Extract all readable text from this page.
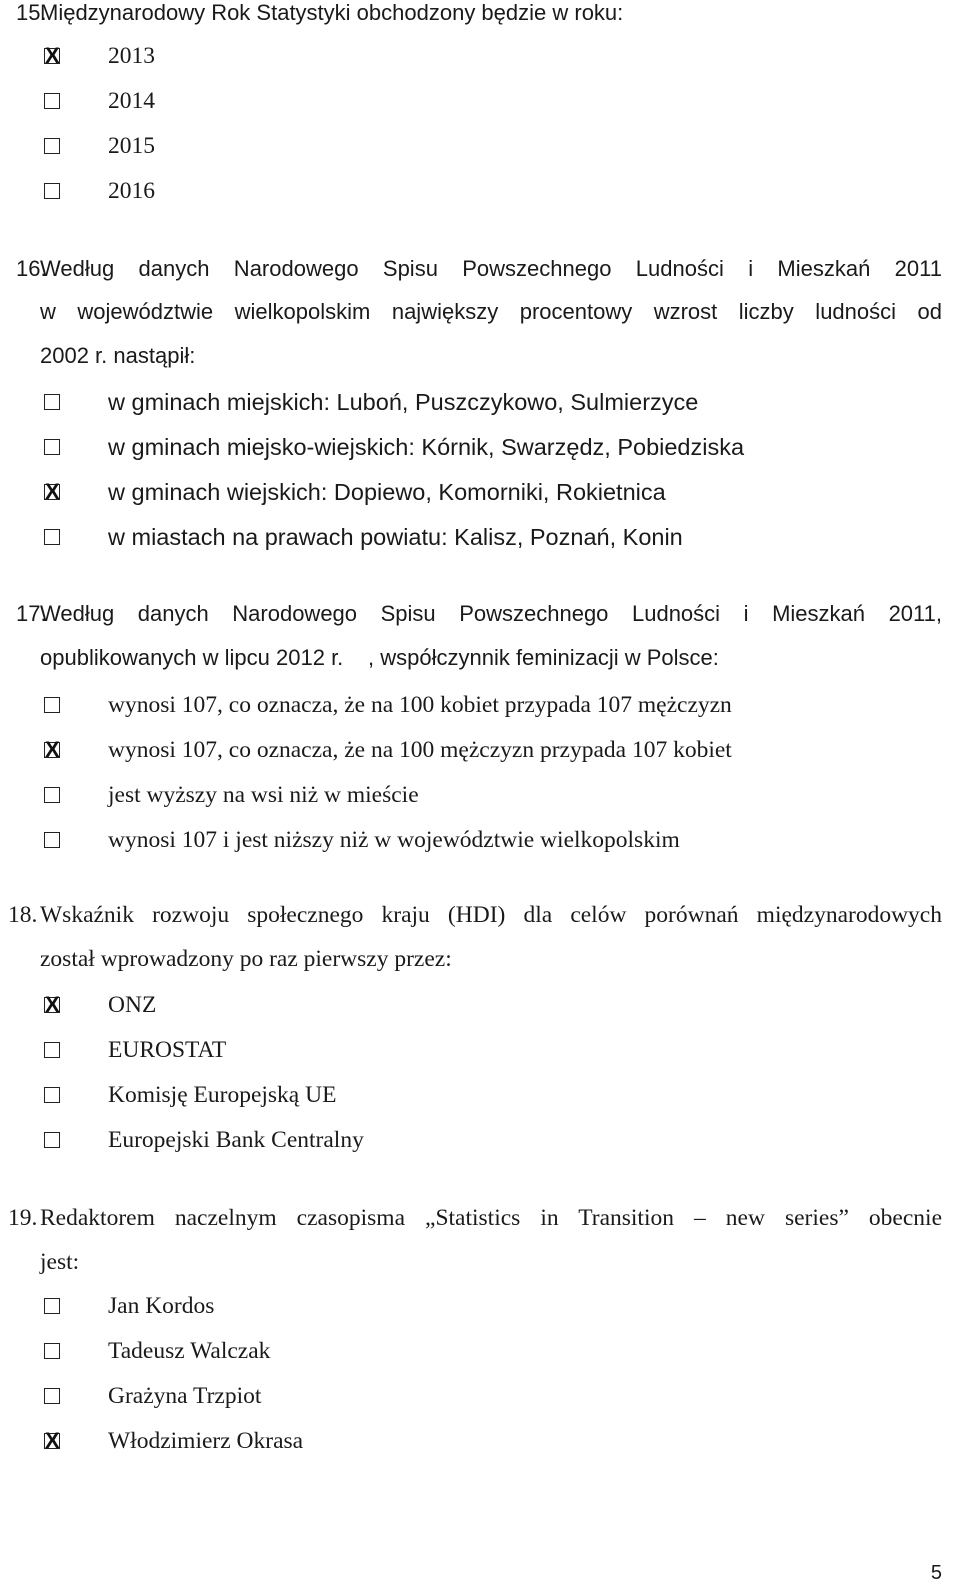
15.
Międzynarodowy Rok Statystyki obchodzony będzie w roku:
X 2013
2014
2015
2016
16.
Według danych Narodowego Spisu Powszechnego Ludności i Mieszkań 2011
w województwie wielkopolskim największy procentowy wzrost liczby ludności od
2002 r. nastąpił:
w gminach miejskich: Luboń, Puszczykowo, Sulmierzyce
w gminach miejsko-wiejskich: Kórnik, Swarzędz, Pobiedziska
X w gminach wiejskich: Dopiewo, Komorniki, Rokietnica
w miastach na prawach powiatu: Kalisz, Poznań, Konin
17.
Według danych Narodowego Spisu Powszechnego Ludności i Mieszkań 2011,
opublikowanych w lipcu 2012 r. , współczynnik feminizacji w Polsce:
wynosi 107, co oznacza, że na 100 kobiet przypada 107 mężczyzn
X wynosi 107, co oznacza, że na 100 mężczyzn przypada 107 kobiet
jest wyższy na wsi niż w mieście
wynosi 107 i jest niższy niż w województwie wielkopolskim
18. Wskaźnik rozwoju społecznego kraju (HDI) dla celów porównań międzynarodowych
został wprowadzony po raz pierwszy przez:
X ONZ
EUROSTAT
Komisję Europejską UE
Europejski Bank Centralny
19. Redaktorem naczelnym czasopisma „Statistics in Transition – new series” obecnie
jest:
Jan Kordos
Tadeusz Walczak
Grażyna Trzpiot
X Włodzimierz Okrasa
5
